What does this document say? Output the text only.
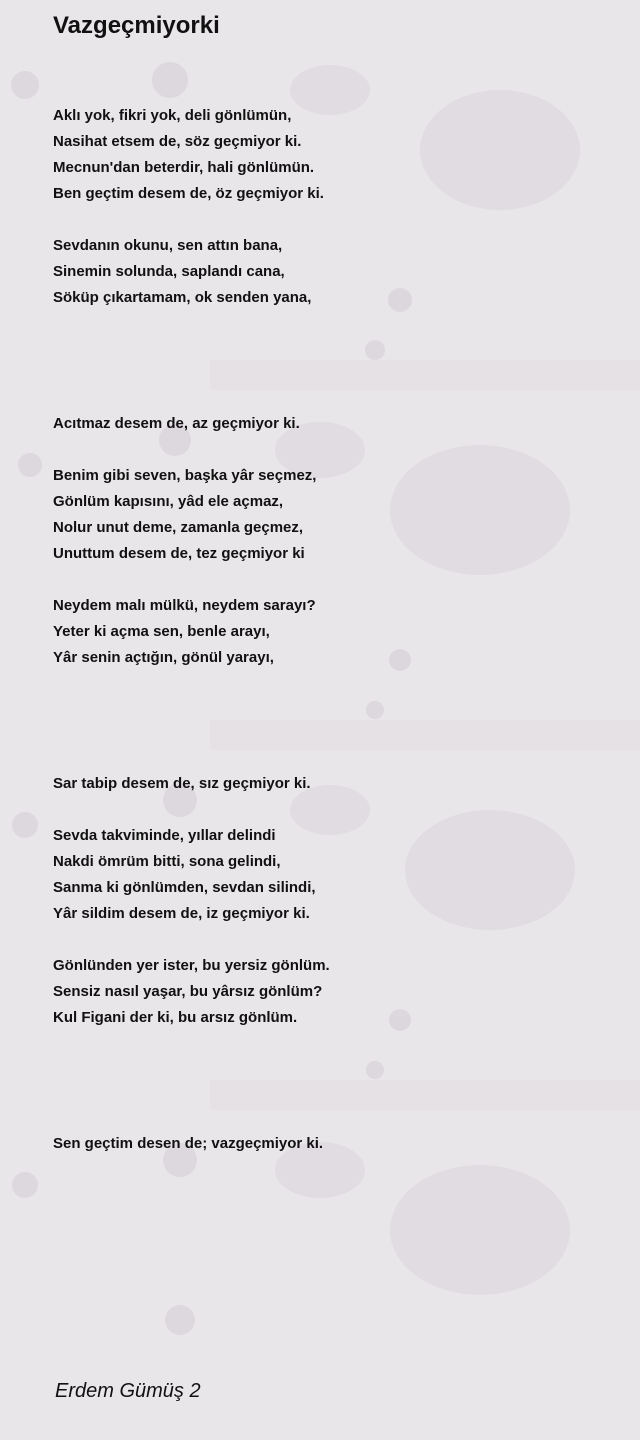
Vazgeçmiyorki
Aklı yok, fikri yok, deli gönlümün,
Nasihat etsem de, söz geçmiyor ki.
Mecnun'dan beterdir, hali gönlümün.
Ben geçtim desem de, öz geçmiyor ki.
Sevdanın okunu, sen attın bana,
Sinemin solunda, saplandı cana,
Söküp çıkartamam, ok senden yana,
Acıtmaz desem de, az geçmiyor ki.
Benim gibi seven, başka yâr seçmez,
Gönlüm kapısını, yâd ele açmaz,
Nolur unut deme, zamanla geçmez,
Unuttum desem de, tez geçmiyor ki
Neydem malı mülkü, neydem sarayı?
Yeter ki açma sen, benle arayı,
Yâr senin açtığın, gönül yarayı,
Sar tabip desem de, sız geçmiyor ki.
Sevda takviminde, yıllar delindi
Nakdi ömrüm bitti, sona gelindi,
Sanma ki gönlümden, sevdan silindi,
Yâr sildim desem de, iz geçmiyor ki.
Gönlünden yer ister, bu yersiz gönlüm.
Sensiz nasıl yaşar, bu yârsız gönlüm?
Kul Figani der ki, bu arsız gönlüm.
Sen geçtim desen de; vazgeçmiyor ki.
Erdem Gümüş 2
